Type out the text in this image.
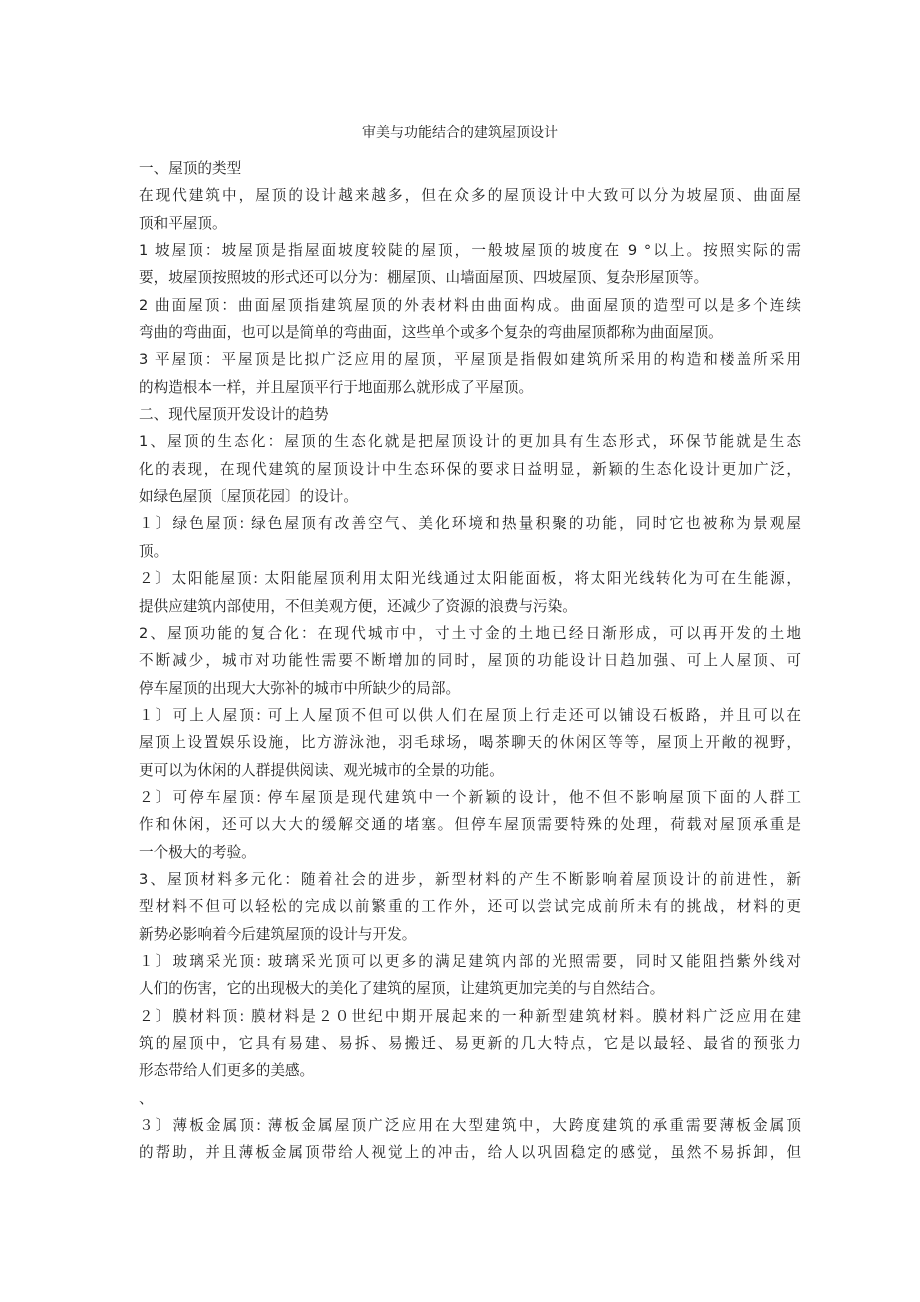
审美与功能结合的建筑屋顶设计
一、屋顶的类型
在现代建筑中，屋顶的设计越来越多，但在众多的屋顶设计中大致可以分为坡屋顶、曲面屋
顶和平屋顶。
1 坡屋顶：坡屋顶是指屋面坡度较陡的屋顶，一般坡屋顶的坡度在 9 °以上。按照实际的需
要，坡屋顶按照坡的形式还可以分为：棚屋顶、山墙面屋顶、四坡屋顶、复杂形屋顶等。
2 曲面屋顶：曲面屋顶指建筑屋顶的外表材料由曲面构成。曲面屋顶的造型可以是多个连续
弯曲的弯曲面，也可以是简单的弯曲面，这些单个或多个复杂的弯曲屋顶都称为曲面屋顶。
3 平屋顶：平屋顶是比拟广泛应用的屋顶，平屋顶是指假如建筑所采用的构造和楼盖所采用
的构造根本一样，并且屋顶平行于地面那么就形成了平屋顶。
二、现代屋顶开发设计的趋势
1、屋顶的生态化：屋顶的生态化就是把屋顶设计的更加具有生态形式，环保节能就是生态
化的表现，在现代建筑的屋顶设计中生态环保的要求日益明显，新颖的生态化设计更加广泛，
如绿色屋顶〔屋顶花园〕的设计。
１〕绿色屋顶: 绿色屋顶有改善空气、美化环境和热量积聚的功能，同时它也被称为景观屋
顶。
２〕太阳能屋顶: 太阳能屋顶利用太阳光线通过太阳能面板，将太阳光线转化为可在生能源，
提供应建筑内部使用，不但美观方便，还减少了资源的浪费与污染。
2、屋顶功能的复合化：在现代城市中，寸土寸金的土地已经日渐形成，可以再开发的土地
不断减少，城市对功能性需要不断增加的同时，屋顶的功能设计日趋加强、可上人屋顶、可
停车屋顶的出现大大弥补的城市中所缺少的局部。
１〕可上人屋顶: 可上人屋顶不但可以供人们在屋顶上行走还可以铺设石板路，并且可以在
屋顶上设置娱乐设施，比方游泳池，羽毛球场，喝茶聊天的休闲区等等，屋顶上开敞的视野，
更可以为休闲的人群提供阅读、观光城市的全景的功能。
２〕可停车屋顶: 停车屋顶是现代建筑中一个新颖的设计，他不但不影响屋顶下面的人群工
作和休闲，还可以大大的缓解交通的堵塞。但停车屋顶需要特殊的处理，荷载对屋顶承重是
一个极大的考验。
3、屋顶材料多元化：随着社会的进步，新型材料的产生不断影响着屋顶设计的前进性，新
型材料不但可以轻松的完成以前繁重的工作外，还可以尝试完成前所未有的挑战，材料的更
新势必影响着今后建筑屋顶的设计与开发。
１〕玻璃采光顶: 玻璃采光顶可以更多的满足建筑内部的光照需要，同时又能阻挡紫外线对
人们的伤害，它的出现极大的美化了建筑的屋顶，让建筑更加完美的与自然结合。
２〕膜材料顶: 膜材料是２０世纪中期开展起来的一种新型建筑材料。膜材料广泛应用在建
筑的屋顶中，它具有易建、易拆、易搬迁、易更新的几大特点，它是以最轻、最省的预张力
形态带给人们更多的美感。
、
３〕薄板金属顶: 薄板金属屋顶广泛应用在大型建筑中，大跨度建筑的承重需要薄板金属顶
的帮助，并且薄板金属顶带给人视觉上的冲击，给人以巩固稳定的感觉，虽然不易拆卸，但
